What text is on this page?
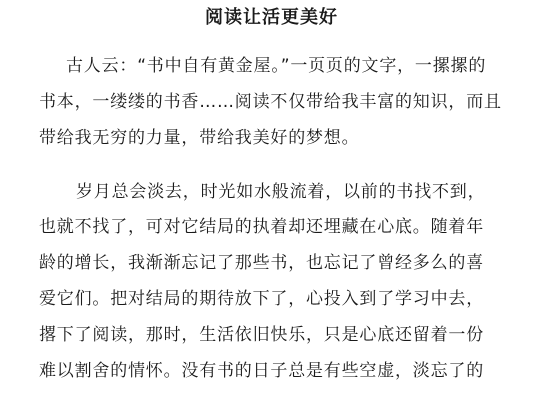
阅读让活更美好
古人云：“书中自有黄金屋。”一页页的文字，一摞摞的
书本，一缕缕的书香……阅读不仅带给我丰富的知识，而且
带给我无穷的力量，带给我美好的梦想。
岁月总会淡去，时光如水般流着，以前的书找不到，
也就不找了，可对它结局的执着却还埋藏在心底。随着年
龄的增长，我渐渐忘记了那些书，也忘记了曾经多么的喜
爱它们。把对结局的期待放下了，心投入到了学习中去，
撂下了阅读，那时，生活依旧快乐，只是心底还留着一份
难以割舍的情怀。没有书的日子总是有些空虚，淡忘了的
